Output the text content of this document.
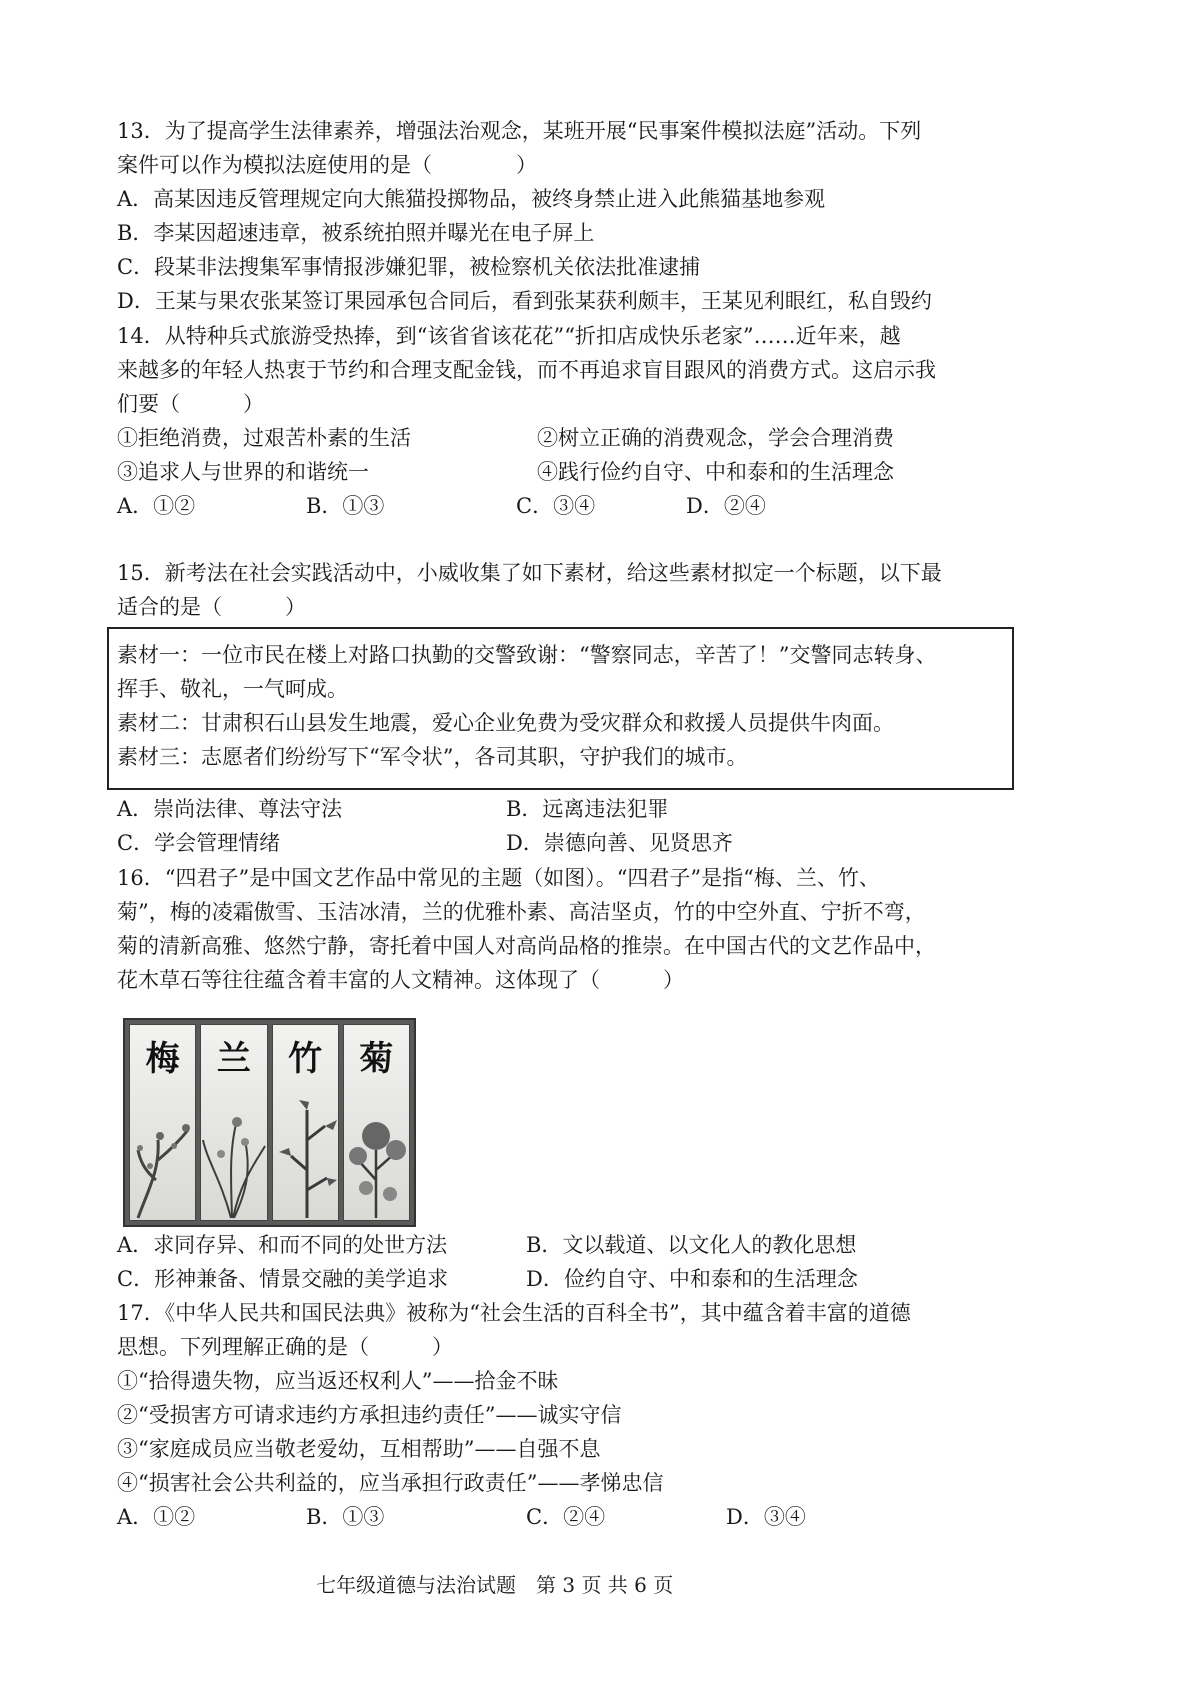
13．为了提高学生法律素养，增强法治观念，某班开展“民事案件模拟法庭”活动。下列
案件可以作为模拟法庭使用的是（　　　　）
A．高某因违反管理规定向大熊猫投掷物品，被终身禁止进入此熊猫基地参观
B．李某因超速违章，被系统拍照并曝光在电子屏上
C．段某非法搜集军事情报涉嫌犯罪，被检察机关依法批准逮捕
D．王某与果农张某签订果园承包合同后，看到张某获利颇丰，王某见利眼红，私自毁约
14．从特种兵式旅游受热捧，到“该省省该花花”“折扣店成快乐老家”……近年来，越
来越多的年轻人热衷于节约和合理支配金钱，而不再追求盲目跟风的消费方式。这启示我
们要（　　　）
①拒绝消费，过艰苦朴素的生活	②树立正确的消费观念，学会合理消费
③追求人与世界的和谐统一	④践行俭约自守、中和泰和的生活理念
A．①②	B．①③	C．③④	D．②④
15．新考法在社会实践活动中，小威收集了如下素材，给这些素材拟定一个标题，以下最
适合的是（　　　）
素材一：一位市民在楼上对路口执勤的交警致谢：“警察同志，辛苦了！”交警同志转身、
挥手、敬礼，一气呵成。
素材二：甘肃积石山县发生地震，爱心企业免费为受灾群众和救援人员提供牛肉面。
素材三：志愿者们纷纷写下“军令状”，各司其职，守护我们的城市。
A．崇尚法律、尊法守法	B．远离违法犯罪
C．学会管理情绪	D．崇德向善、见贤思齐
16．“四君子”是中国文艺作品中常见的主题（如图）。“四君子”是指“梅、兰、竹、
菊”，梅的凌霜傲雪、玉洁冰清，兰的优雅朴素、高洁坚贞，竹的中空外直、宁折不弯，
菊的清新高雅、悠然宁静，寄托着中国人对高尚品格的推崇。在中国古代的文艺作品中，
花木草石等往往蕴含着丰富的人文精神。这体现了（　　　）
梅	兰	竹	菊
A．求同存异、和而不同的处世方法	B．文以载道、以文化人的教化思想
C．形神兼备、情景交融的美学追求	D．俭约自守、中和泰和的生活理念
17．《中华人民共和国民法典》被称为“社会生活的百科全书”，其中蕴含着丰富的道德
思想。下列理解正确的是（　　　）
①“拾得遗失物，应当返还权利人”——拾金不昧
②“受损害方可请求违约方承担违约责任”——诚实守信
③“家庭成员应当敬老爱幼，互相帮助”——自强不息
④“损害社会公共利益的，应当承担行政责任”——孝悌忠信
A．①②	B．①③	C．②④	D．③④
七年级道德与法治试题　第 3 页 共 6 页
